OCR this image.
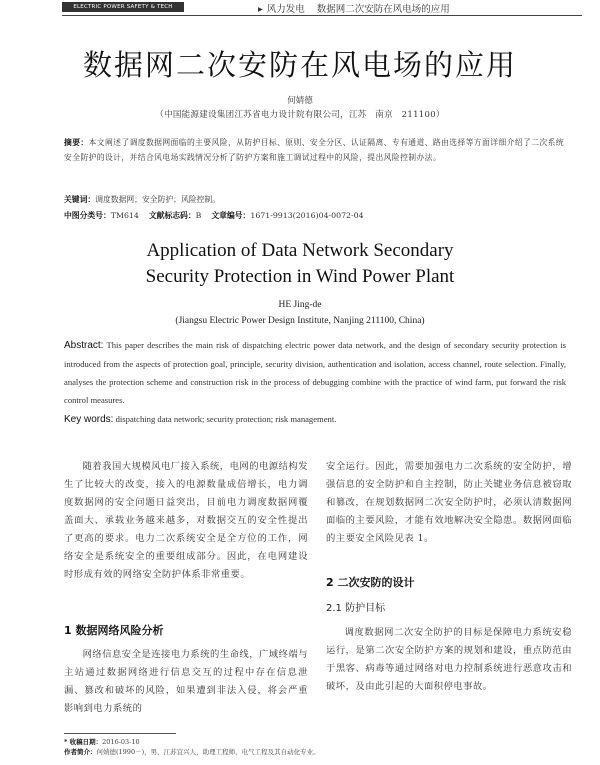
ELECTRIC POWER SAFETY & TECH	▸ 风力发电 数据网二次安防在风电场的应用
数据网二次安防在风电场的应用
何婧德
（中国能源建设集团江苏省电力设计院有限公司，江苏　南京　211100）
摘要：本文阐述了调度数据网面临的主要风险，从防护目标、原则、安全分区、认证隔离、专有通道、路由选择等方面详细介绍了二次系统安全防护的设计，并结合风电场实践情况分析了防护方案和施工调试过程中的风险，提出风险控制办法。
关键词：调度数据网；安全防护；风险控制。
中图分类号：TM614 文献标志码：B 文章编号：1671-9913(2016)04-0072-04
Application of Data Network Secondary
Security Protection in Wind Power Plant
HE Jing-de
(Jiangsu Electric Power Design Institute, Nanjing 211100, China)
Abstract: This paper describes the main risk of dispatching electric power data network, and the design of secondary security protection is introduced from the aspects of protection goal, principle, security division, authentication and isolation, access channel, route selection. Finally, analyses the protection scheme and construction risk in the process of debugging combine with the practice of wind farm, put forward the risk control measures.
Key words: dispatching data network; security protection; risk management.
随着我国大规模风电厂接入系统，电网的电源结构发生了比较大的改变，接入的电源数量成倍增长，电力调度数据网的安全问题日益突出，目前电力调度数据网覆盖面大、承载业务越来越多，对数据交互的安全性提出了更高的要求。电力二次系统安全是全方位的工作，网络安全是系统安全的重要组成部分。因此，在电网建设时形成有效的网络安全防护体系非常重要。
1 数据网络风险分析
网络信息安全是连接电力系统的生命线，广域终端与主站通过数据网络进行信息交互的过程中存在信息泄漏、篡改和破坏的风险，如果遭到非法入侵，将会严重影响到电力系统的
安全运行。因此，需要加强电力二次系统的安全防护，增强信息的安全防护和自主控制，防止关键业务信息被窃取和篡改，在规划数据网二次安全防护时，必须认清数据网面临的主要风险，才能有效地解决安全隐患。数据网面临的主要安全风险见表 1。
2 二次安防的设计
2.1 防护目标
调度数据网二次安全防护的目标是保障电力系统安稳运行，是第二次安全防护方案的规划和建设，重点防范由于黑客、病毒等通过网络对电力控制系统进行恶意攻击和破坏，及由此引起的大面积停电事故。
* 收稿日期：2016-03-10
作者简介：何婧德(1990－)，男，江苏宜兴人，助理工程师，电气工程及其自动化专业。
